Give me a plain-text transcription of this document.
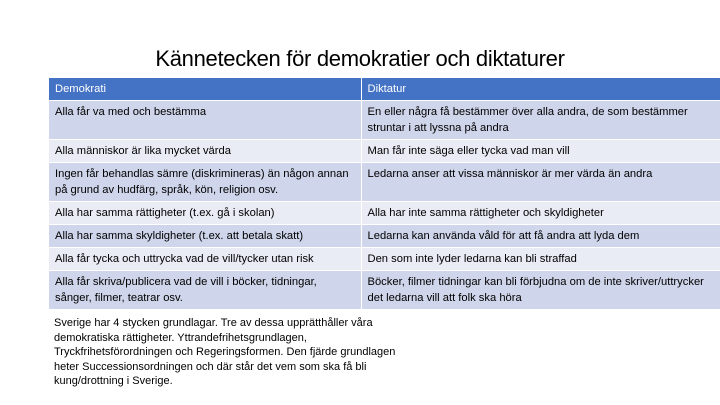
Kännetecken för demokratier och diktaturer
Demokrati	Diktatur
Alla får va med och bestämma	En eller några få bestämmer över alla andra, de som bestämmer struntar i att lyssna på andra
Alla människor är lika mycket värda	Man får inte säga eller tycka vad man vill
Ingen får behandlas sämre (diskrimineras) än någon annan på grund av hudfärg, språk, kön, religion osv.	Ledarna anser att vissa människor är mer värda än andra
Alla har samma rättigheter (t.ex. gå i skolan)	Alla har inte samma rättigheter och skyldigheter
Alla har samma skyldigheter (t.ex. att betala skatt)	Ledarna kan använda våld för att få andra att lyda dem
Alla får tycka och uttrycka vad de vill/tycker utan risk	Den som inte lyder ledarna kan bli straffad
Alla får skriva/publicera vad de vill i böcker, tidningar, sånger, filmer, teatrar osv.	Böcker, filmer tidningar kan bli förbjudna om de inte skriver/uttrycker det ledarna vill att folk ska höra
Sverige har 4 stycken grundlagar. Tre av dessa upprätthåller våra
demokratiska rättigheter. Yttrandefrihetsgrundlagen,
Tryckfrihetsförordningen och Regeringsformen. Den fjärde grundlagen
heter Successionsordningen och där står det vem som ska få bli
kung/drottning i Sverige.
